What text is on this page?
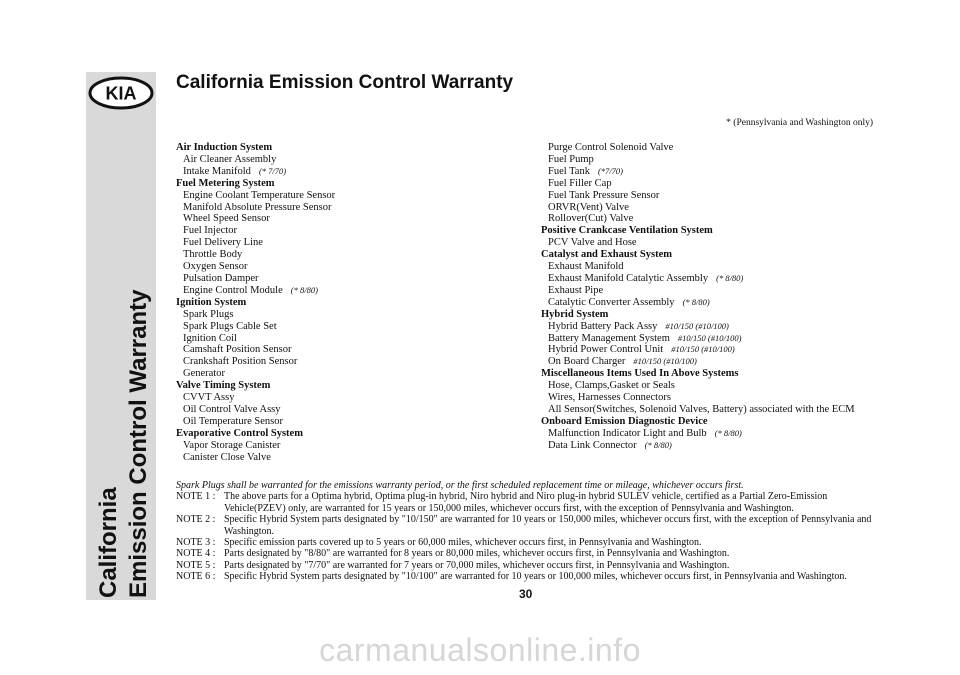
KIA
California Emission Control Warranty
California Emission Control Warranty
* (Pennsylvania and Washington only)
Air Induction System
Air Cleaner Assembly
Intake Manifold (* 7/70)
Fuel Metering System
Engine Coolant Temperature Sensor
Manifold Absolute Pressure Sensor
Wheel Speed Sensor
Fuel Injector
Fuel Delivery Line
Throttle Body
Oxygen Sensor
Pulsation Damper
Engine Control Module (* 8/80)
Ignition System
Spark Plugs
Spark Plugs Cable Set
Ignition Coil
Camshaft Position Sensor
Crankshaft Position Sensor
Generator
Valve Timing System
CVVT Assy
Oil Control Valve Assy
Oil Temperature Sensor
Evaporative Control System
Vapor Storage Canister
Canister Close Valve
Purge Control Solenoid Valve
Fuel Pump
Fuel Tank (*7/70)
Fuel Filler Cap
Fuel Tank Pressure Sensor
ORVR(Vent) Valve
Rollover(Cut) Valve
Positive Crankcase Ventilation System
PCV Valve and Hose
Catalyst and Exhaust System
Exhaust Manifold
Exhaust Manifold Catalytic Assembly (* 8/80)
Exhaust Pipe
Catalytic Converter Assembly (* 8/80)
Hybrid System
Hybrid Battery Pack Assy #10/150 (#10/100)
Battery Management System #10/150 (#10/100)
Hybrid Power Control Unit #10/150 (#10/100)
On Board Charger #10/150 (#10/100)
Miscellaneous Items Used In Above Systems
Hose, Clamps,Gasket or Seals
Wires, Harnesses Connectors
All Sensor(Switches, Solenoid Valves, Battery) associated with the ECM
Onboard Emission Diagnostic Device
Malfunction Indicator Light and Bulb (* 8/80)
Data Link Connector (* 8/80)
Spark Plugs shall be warranted for the emissions warranty period, or the first scheduled replacement time or mileage, whichever occurs first.
NOTE 1 : The above parts for a Optima hybrid, Optima plug-in hybrid, Niro hybrid and Niro plug-in hybrid SULEV vehicle, certified as a Partial Zero-Emission Vehicle(PZEV) only, are warranted for 15 years or 150,000 miles, whichever occurs first, with the exception of Pennsylvania and Washington.
NOTE 2 : Specific Hybrid System parts designated by "10/150" are warranted for 10 years or 150,000 miles, whichever occurs first, with the exception of Pennsylvania and Washington.
NOTE 3 : Specific emission parts covered up to 5 years or 60,000 miles, whichever occurs first, in Pennsylvania and Washington.
NOTE 4 : Parts designated by "8/80" are warranted for 8 years or 80,000 miles, whichever occurs first, in Pennsylvania and Washington.
NOTE 5 : Parts designated by "7/70" are warranted for 7 years or 70,000 miles, whichever occurs first, in Pennsylvania and Washington.
NOTE 6 : Specific Hybrid System parts designated by "10/100" are warranted for 10 years or 100,000 miles, whichever occurs first, in Pennsylvania and Washington.
30
carmanualsonline.info
